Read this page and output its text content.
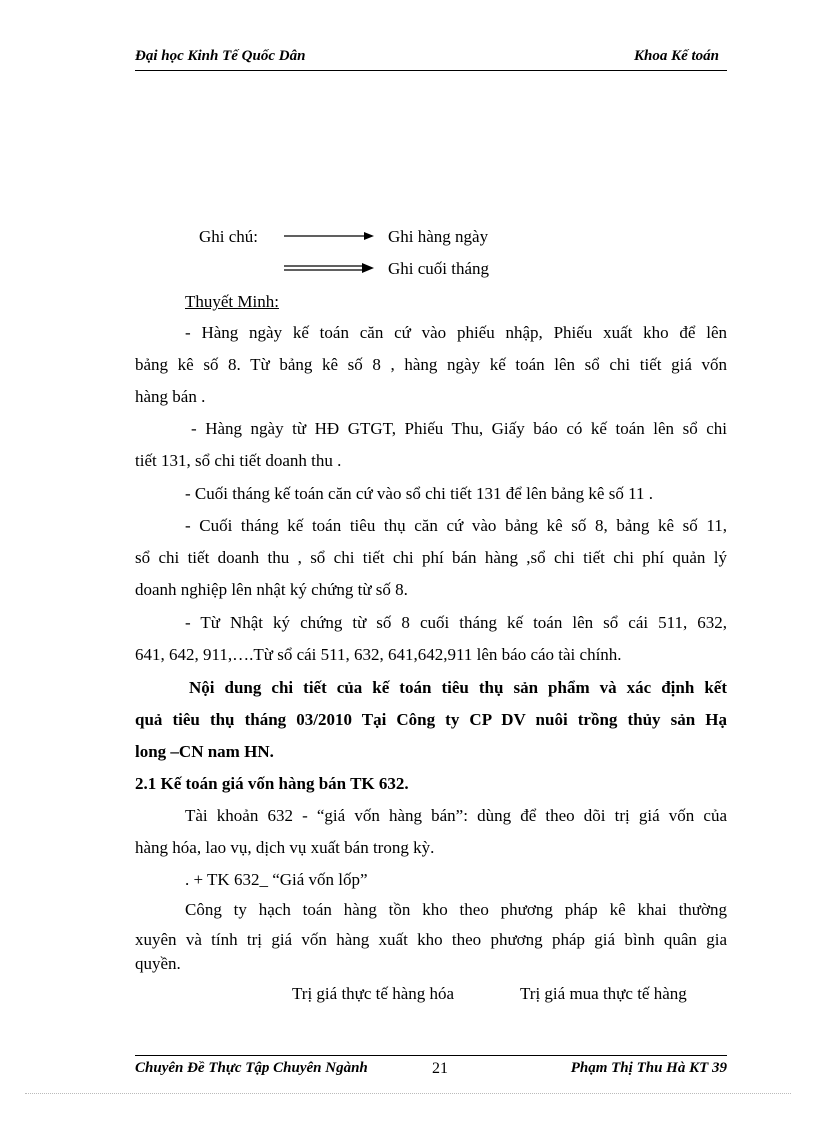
Đại học Kinh Tế Quốc Dân	Khoa Kế toán
Ghi chú:	Ghi hàng ngày
Ghi cuối tháng
Thuyết Minh:
- Hàng ngày kế toán căn cứ vào phiếu nhập, Phiếu xuất kho để lên
bảng kê số 8. Từ bảng kê số 8 , hàng ngày kế toán lên sổ chi tiết giá vốn
hàng bán .
- Hàng ngày từ HĐ GTGT, Phiếu Thu, Giấy báo có kế toán lên sổ chi
tiết 131, sổ chi tiết doanh thu .
- Cuối tháng kế toán căn cứ vào sổ chi tiết 131 để lên bảng kê số 11 .
- Cuối tháng kế toán tiêu thụ căn cứ vào bảng kê số 8, bảng kê số 11,
sổ chi tiết doanh thu , sổ chi tiết chi phí bán hàng ,sổ chi tiết chi phí quản lý
doanh nghiệp lên nhật ký chứng từ số 8.
- Từ Nhật ký chứng từ số 8 cuối tháng kế toán lên sổ cái 511, 632,
641, 642, 911,….Từ sổ cái 511, 632, 641,642,911 lên báo cáo tài chính.
Nội dung chi tiết của kế toán tiêu thụ sản phẩm và xác định kết
quả tiêu thụ tháng 03/2010 Tại Công ty CP DV nuôi trồng thủy sản Hạ
long –CN nam HN.
2.1 Kế toán giá vốn hàng bán TK 632.
Tài khoản 632 - “giá vốn hàng bán”: dùng để theo dõi trị giá vốn của
hàng hóa, lao vụ, dịch vụ xuất bán trong kỳ.
. + TK 632_ “Giá vốn lốp”
Công ty hạch toán hàng tồn kho theo phương pháp kê khai thường
xuyên và tính trị giá vốn hàng xuất kho theo phương pháp giá bình quân gia
quyền.
Trị giá thực tế hàng hóa	Trị giá mua thực tế hàng
Chuyên Đề Thực Tập Chuyên Ngành	21	Phạm Thị Thu Hà KT 39
